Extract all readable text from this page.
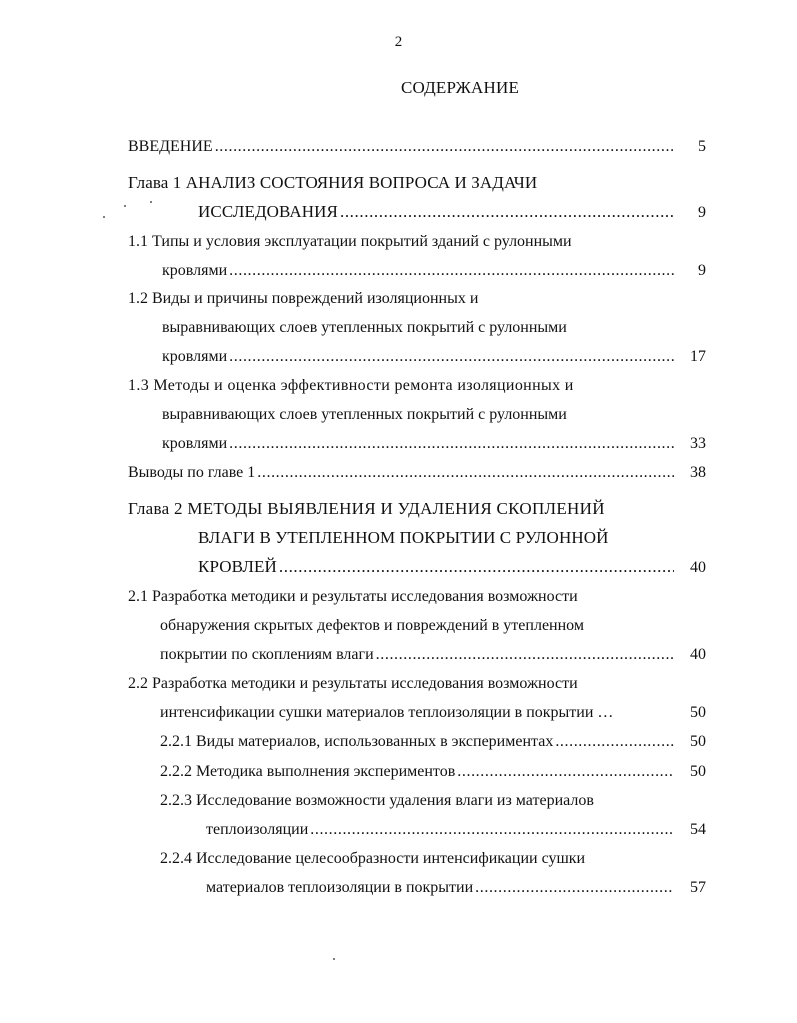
2
СОДЕРЖАНИЕ
ВВЕДЕНИЕ .....	5
Глава 1 АНАЛИЗ СОСТОЯНИЯ ВОПРОСА И ЗАДАЧИ
ИССЛЕДОВАНИЯ .....	9
1.1 Типы и условия эксплуатации покрытий зданий с рулонными
кровлями .....	9
1.2 Виды и причины повреждений изоляционных и
выравнивающих слоев утепленных покрытий с рулонными
кровлями .....	17
1.3 Методы и оценка эффективности ремонта изоляционных и
выравнивающих слоев утепленных покрытий с рулонными
кровлями .....	33
Выводы по главе 1 .....	38
Глава 2 МЕТОДЫ ВЫЯВЛЕНИЯ И УДАЛЕНИЯ СКОПЛЕНИЙ
ВЛАГИ В УТЕПЛЕННОМ ПОКРЫТИИ С РУЛОННОЙ
КРОВЛЕЙ .....	40
2.1 Разработка методики и результаты исследования возможности
обнаружения скрытых дефектов и повреждений в утепленном
покрытии по скоплениям влаги .....	40
2.2 Разработка методики и результаты исследования возможности
интенсификации сушки материалов теплоизоляции в покрытии …	50
2.2.1 Виды материалов, использованных в экспериментах .....	50
2.2.2 Методика выполнения экспериментов .....	50
2.2.3 Исследование возможности удаления влаги из материалов
теплоизоляции .....	54
2.2.4 Исследование целесообразности интенсификации сушки
материалов теплоизоляции в покрытии .....	57
